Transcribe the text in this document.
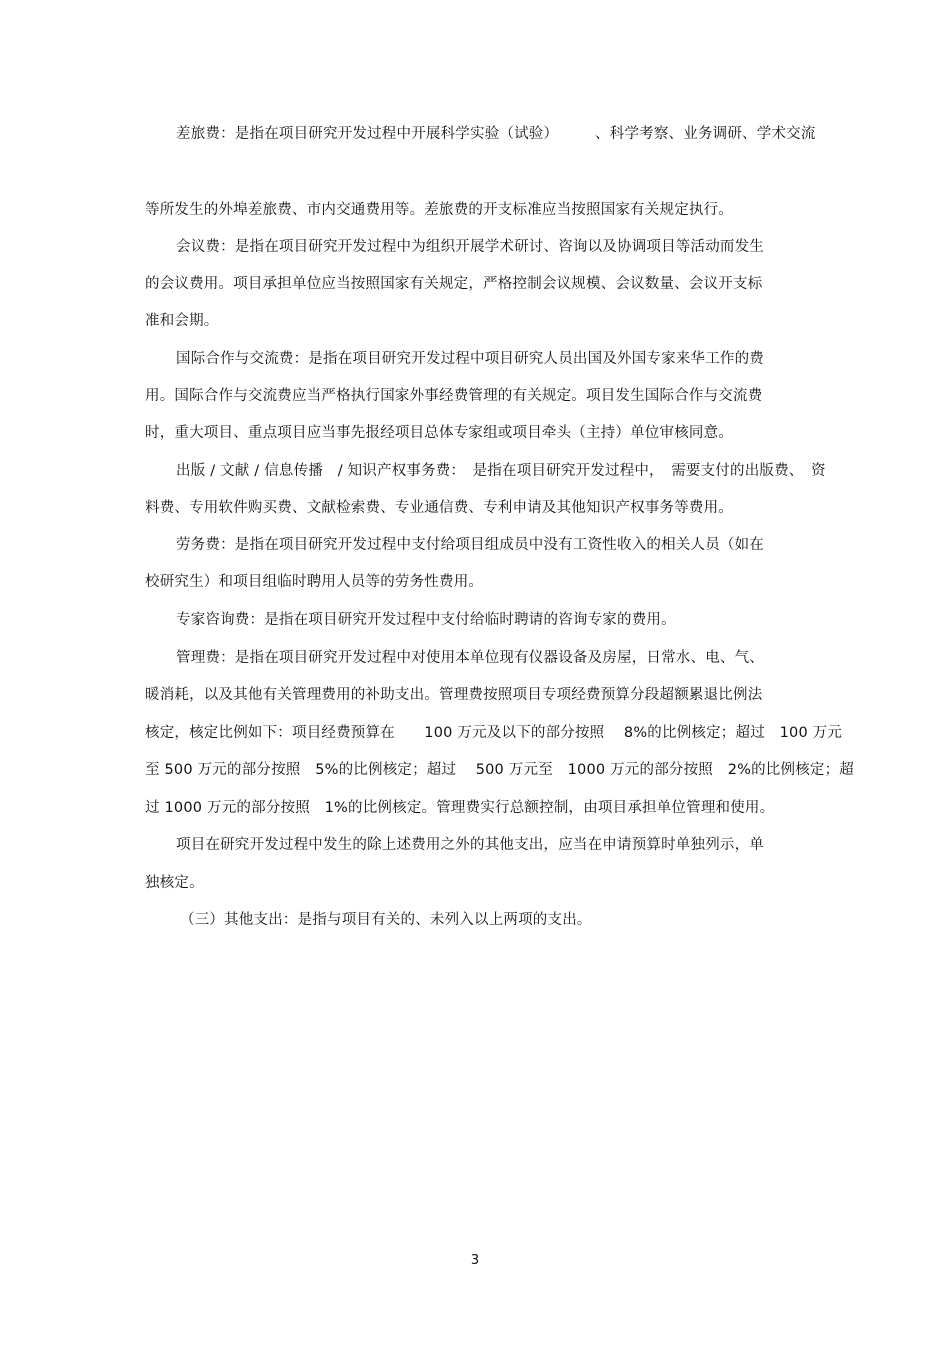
差旅费：是指在项目研究开发过程中开展科学实验（试验）　　　、科学考察、业务调研、学术交流
等所发生的外埠差旅费、市内交通费用等。差旅费的开支标准应当按照国家有关规定执行。
会议费：是指在项目研究开发过程中为组织开展学术研讨、咨询以及协调项目等活动而发生
的会议费用。项目承担单位应当按照国家有关规定，严格控制会议规模、会议数量、会议开支标
准和会期。
国际合作与交流费：是指在项目研究开发过程中项目研究人员出国及外国专家来华工作的费
用。国际合作与交流费应当严格执行国家外事经费管理的有关规定。项目发生国际合作与交流费
时，重大项目、重点项目应当事先报经项目总体专家组或项目牵头（主持）单位审核同意。
出版 / 文献 / 信息传播　/ 知识产权事务费：　是指在项目研究开发过程中，　需要支付的出版费、　资
料费、专用软件购买费、文献检索费、专业通信费、专利申请及其他知识产权事务等费用。
劳务费：是指在项目研究开发过程中支付给项目组成员中没有工资性收入的相关人员（如在
校研究生）和项目组临时聘用人员等的劳务性费用。
专家咨询费：是指在项目研究开发过程中支付给临时聘请的咨询专家的费用。
管理费：是指在项目研究开发过程中对使用本单位现有仪器设备及房屋，日常水、电、气、
暖消耗，以及其他有关管理费用的补助支出。管理费按照项目专项经费预算分段超额累退比例法
核定，核定比例如下：项目经费预算在　　100 万元及以下的部分按照　 8%的比例核定；超过　100 万元
至 500 万元的部分按照　5%的比例核定；超过　 500 万元至　1000 万元的部分按照　2%的比例核定；超
过 1000 万元的部分按照　1%的比例核定。管理费实行总额控制，由项目承担单位管理和使用。
项目在研究开发过程中发生的除上述费用之外的其他支出，应当在申请预算时单独列示，单
独核定。
（三）其他支出：是指与项目有关的、未列入以上两项的支出。
3
